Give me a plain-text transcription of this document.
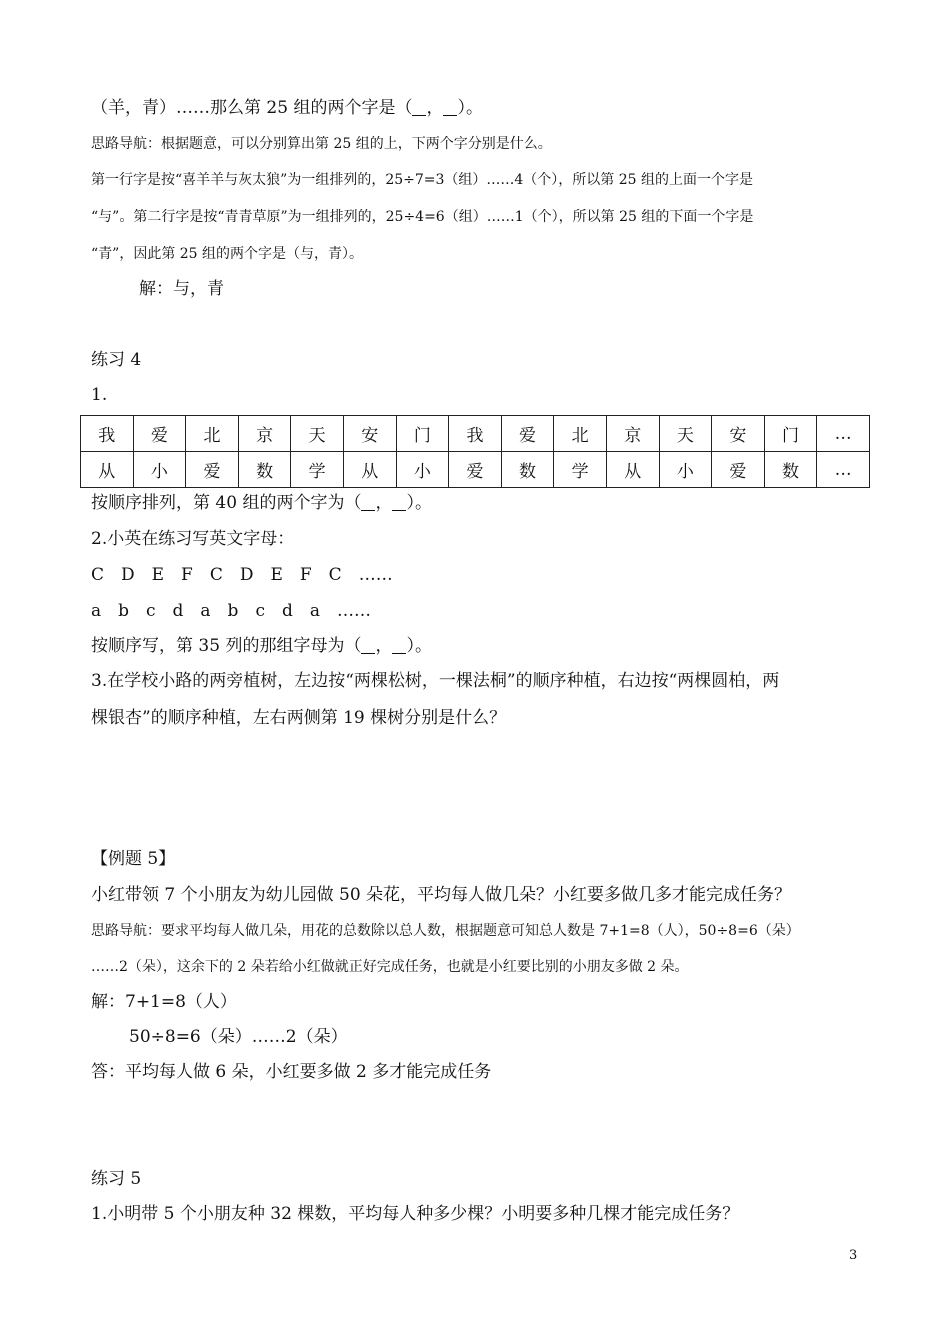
（羊，青）……那么第 25 组的两个字是（ ， ）。
思路导航：根据题意，可以分别算出第 25 组的上，下两个字分别是什么。
第一行字是按“喜羊羊与灰太狼”为一组排列的，25÷7=3（组）……4（个），所以第 25 组的上面一个字是
“与”。第二行字是按“青青草原”为一组排列的，25÷4=6（组）……1（个），所以第 25 组的下面一个字是
“青”，因此第 25 组的两个字是（与，青）。
解：与，青
练习 4
1.
我	爱	北	京	天	安	门	我	爱	北	京	天	安	门	…
从	小	爱	数	学	从	小	爱	数	学	从	小	爱	数	…
按顺序排列，第 40 组的两个字为（ ， ）。
2.小英在练习写英文字母：
C　D　E　F　C　D　E　F　C　……
a　b　c　d　a　b　c　d　a　……
按顺序写，第 35 列的那组字母为（ ， ）。
3.在学校小路的两旁植树，左边按“两棵松树，一棵法桐”的顺序种植，右边按“两棵圆柏，两
棵银杏”的顺序种植，左右两侧第 19 棵树分别是什么？
【例题 5】
小红带领 7 个小朋友为幼儿园做 50 朵花，平均每人做几朵？小红要多做几多才能完成任务？
思路导航：要求平均每人做几朵，用花的总数除以总人数，根据题意可知总人数是 7+1=8（人），50÷8=6（朵）
……2（朵），这余下的 2 朵若给小红做就正好完成任务，也就是小红要比别的小朋友多做 2 朵。
解：7+1=8（人）
50÷8=6（朵）……2（朵）
答：平均每人做 6 朵，小红要多做 2 多才能完成任务
练习 5
1.小明带 5 个小朋友种 32 棵数，平均每人种多少棵？小明要多种几棵才能完成任务？
3
